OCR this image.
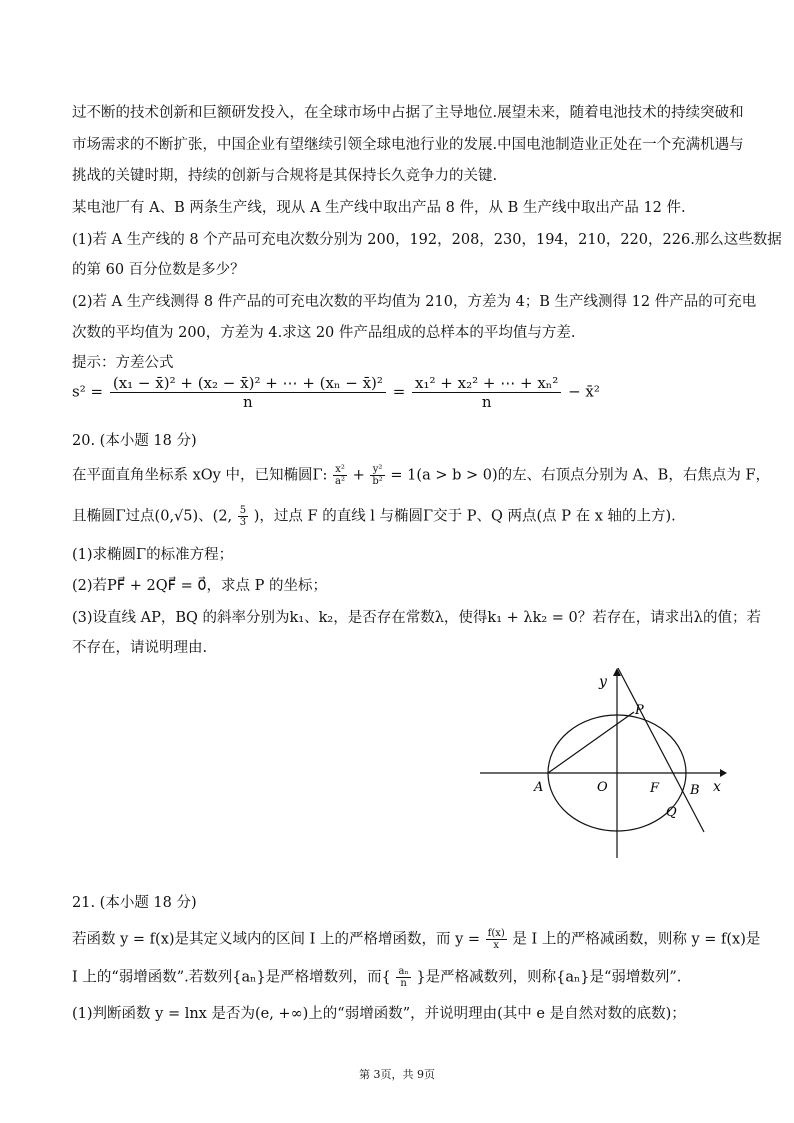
过不断的技术创新和巨额研发投入，在全球市场中占据了主导地位.展望未来，随着电池技术的持续突破和
市场需求的不断扩张，中国企业有望继续引领全球电池行业的发展.中国电池制造业正处在一个充满机遇与
挑战的关键时期，持续的创新与合规将是其保持长久竞争力的关键.
某电池厂有 A、B 两条生产线，现从 A 生产线中取出产品 8 件，从 B 生产线中取出产品 12 件.
(1)若 A 生产线的 8 个产品可充电次数分别为 200，192，208，230，194，210，220，226.那么这些数据
的第 60 百分位数是多少？
(2)若 A 生产线测得 8 件产品的可充电次数的平均值为 210，方差为 4；B 生产线测得 12 件产品的可充电
次数的平均值为 200，方差为 4.求这 20 件产品组成的总样本的平均值与方差.
提示：方差公式
$s^2 = \frac{\text{(x₁ − x̄)² + (x₂ − x̄)² + ⋯ + (xₙ − x̄)²}}{n} = \frac{\text{x₁² + x₂² + ⋯ + xₙ²}}{n}$ − x̄²
20. (本小题 18 分)
在平面直角坐标系 xOy 中，已知椭圆Γ: $\frac{\text{x²}}{\text{a²}} + \frac{\text{y²}}{\text{b²}} = 1(a > b > 0)$的左、右顶点分别为 A、B，右焦点为 F，
且椭圆Γ过点(0,√5)、(2, $\frac{5}{3}$ )，过点 F 的直线 l 与椭圆Γ交于 P、Q 两点(点 P 在 x 轴的上方).
(1)求椭圆Γ的标准方程；
(2)若PF⃗ + 2QF⃗ = 0⃗，求点 P 的坐标；
(3)设直线 AP，BQ 的斜率分别为k₁、k₂，是否存在常数λ，使得k₁ + λk₂ = 0？若存在，请求出λ的值；若
不存在，请说明理由.
y
x
P
A	O	F B
Q
21. (本小题 18 分)
若函数 y = f(x)是其定义域内的区间 I 上的严格增函数，而 $y = \frac{f(x)}{x}$ 是 I 上的严格减函数，则称 y = f(x)是
I 上的“弱增函数”.若数列{aₙ}是严格增数列，而{ $\frac{\text{aₙ}}{n}$ }是严格减数列，则称{aₙ}是“弱增数列”.
(1)判断函数 y = lnx 是否为(e, +∞)上的“弱增函数”，并说明理由(其中 e 是自然对数的底数)；
第 3页，共 9页
